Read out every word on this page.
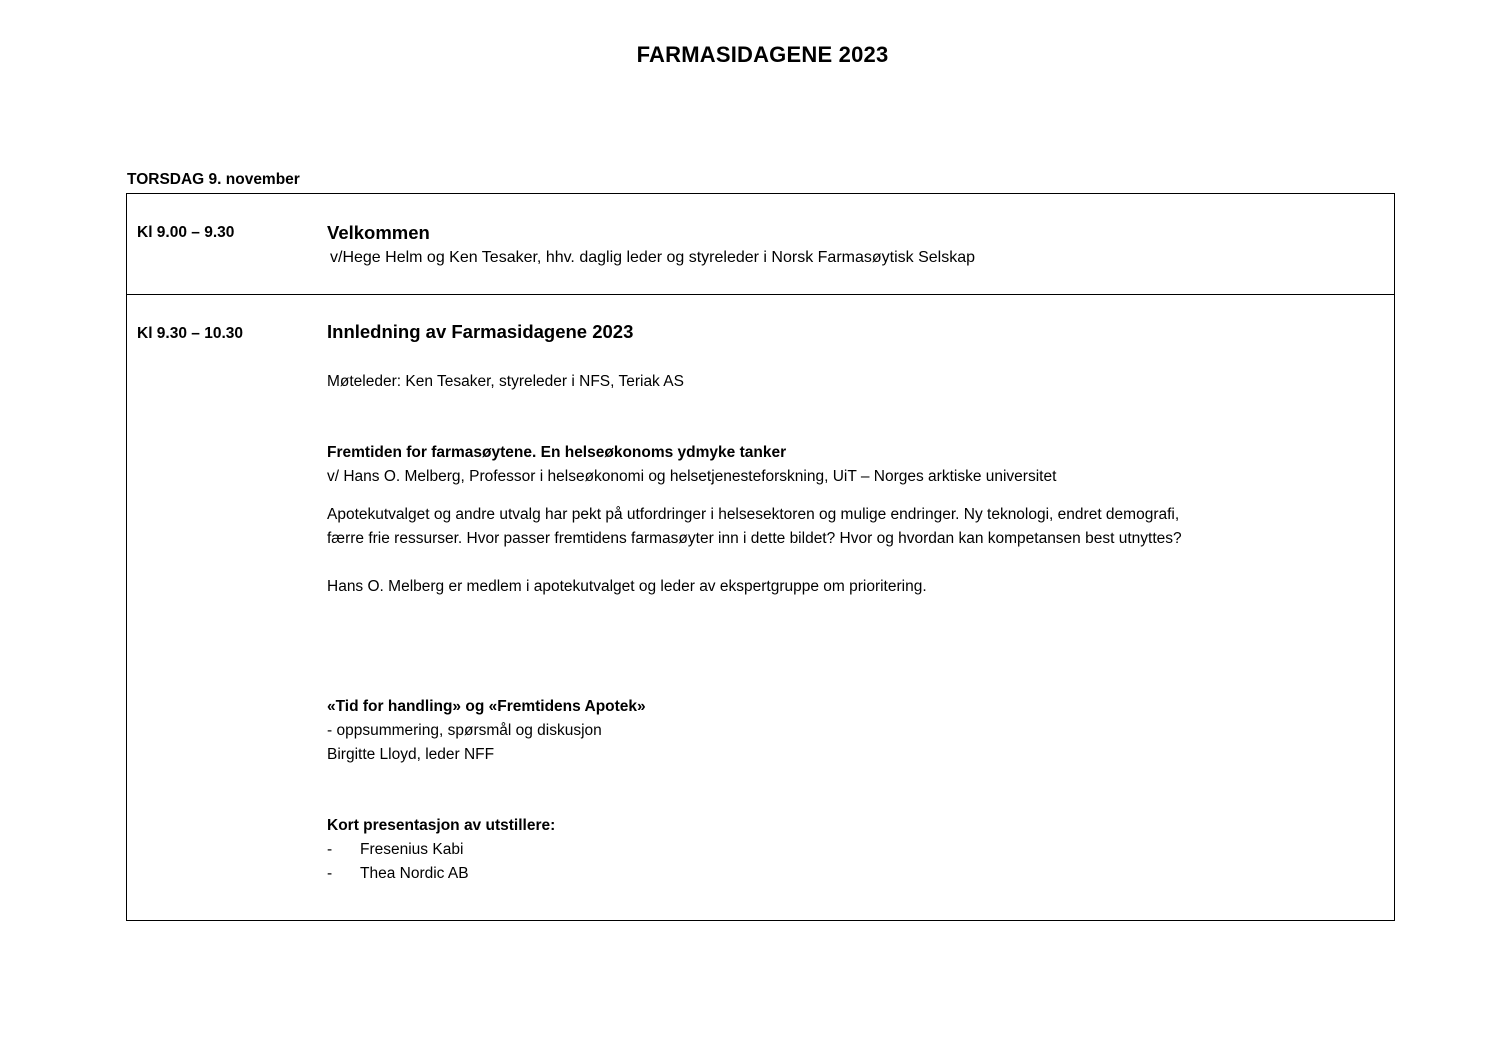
FARMASIDAGENE 2023
TORSDAG 9. november
Kl 9.00 – 9.30	Velkommen
v/Hege Helm og Ken Tesaker, hhv. daglig leder og styreleder i Norsk Farmasøytisk Selskap
Kl 9.30 – 10.30	Innledning av Farmasidagene 2023
Møteleder: Ken Tesaker, styreleder i NFS, Teriak AS
Fremtiden for farmasøytene. En helseøkonoms ydmyke tanker
v/ Hans O. Melberg, Professor i helseøkonomi og helsetjenesteforskning, UiT – Norges arktiske universitet
Apotekutvalget og andre utvalg har pekt på utfordringer i helsesektoren og mulige endringer. Ny teknologi, endret demografi,
færre frie ressurser. Hvor passer fremtidens farmasøyter inn i dette bildet? Hvor og hvordan kan kompetansen best utnyttes?
Hans O. Melberg er medlem i apotekutvalget og leder av ekspertgruppe om prioritering.
«Tid for handling» og «Fremtidens Apotek»
- oppsummering, spørsmål og diskusjon
Birgitte Lloyd, leder NFF
Kort presentasjon av utstillere:
-	Fresenius Kabi
-	Thea Nordic AB
